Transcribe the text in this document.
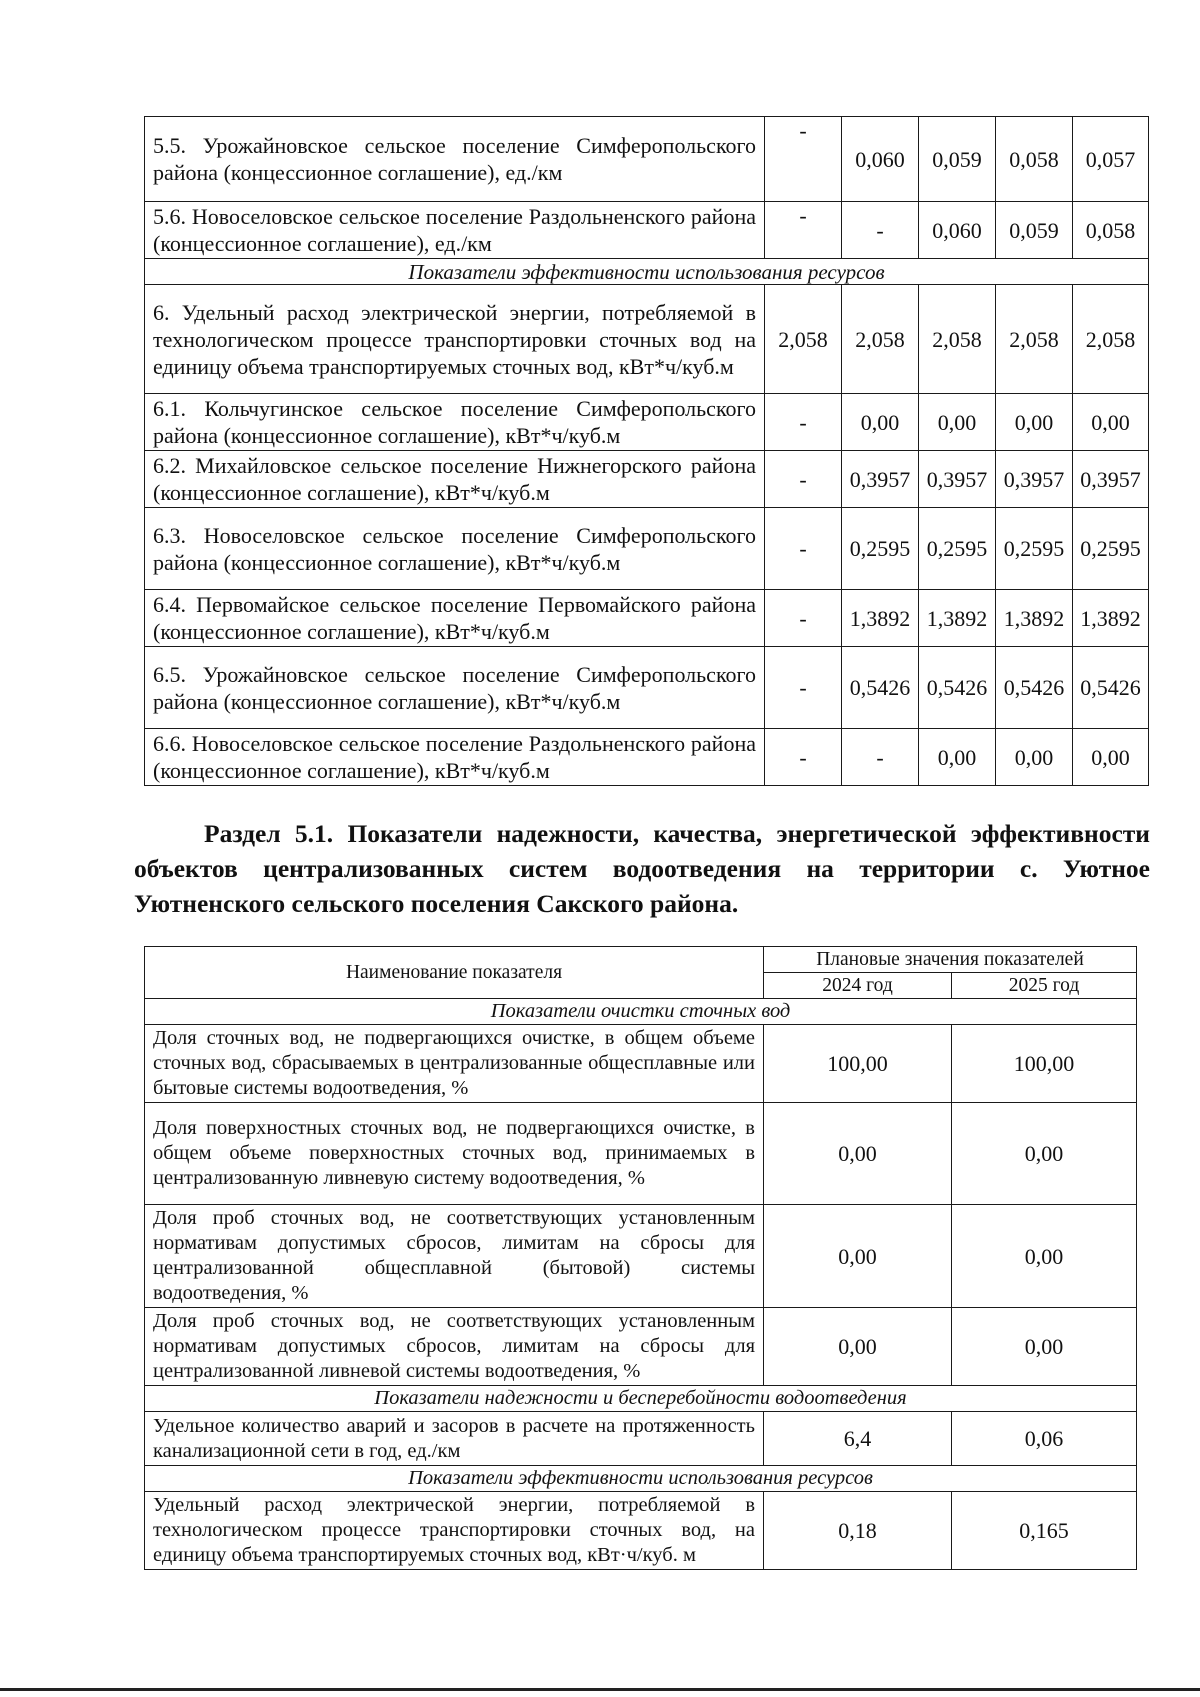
5.5. Урожайновское сельское поселение Симферопольского района (концессионное соглашение), ед./км	-	0,060	0,059	0,058	0,057
5.6. Новоселовское сельское поселение Раздольненского района (концессионное соглашение), ед./км	-	-	0,060	0,059	0,058
Показатели эффективности использования ресурсов					
6. Удельный расход электрической энергии, потребляемой в технологическом процессе транспортировки сточных вод на единицу объема транспортируемых сточных вод, кВт*ч/куб.м	2,058	2,058	2,058	2,058	2,058
6.1. Кольчугинское сельское поселение Симферопольского района (концессионное соглашение), кВт*ч/куб.м	-	0,00	0,00	0,00	0,00
6.2. Михайловское сельское поселение Нижнегорского района (концессионное соглашение), кВт*ч/куб.м	-	0,3957	0,3957	0,3957	0,3957
6.3. Новоселовское сельское поселение Симферопольского района (концессионное соглашение), кВт*ч/куб.м	-	0,2595	0,2595	0,2595	0,2595
6.4. Первомайское сельское поселение Первомайского района (концессионное соглашение), кВт*ч/куб.м	-	1,3892	1,3892	1,3892	1,3892
6.5. Урожайновское сельское поселение Симферопольского района (концессионное соглашение), кВт*ч/куб.м	-	0,5426	0,5426	0,5426	0,5426
6.6. Новоселовское сельское поселение Раздольненского района (концессионное соглашение), кВт*ч/куб.м	-	-	0,00	0,00	0,00

Раздел 5.1. Показатели надежности, качества, энергетической эффективности объектов централизованных систем водоотведения на территории с. Уютное Уютненского сельского поселения Сакского района.

Наименование показателя	Плановые значения показателей	
	2024 год	2025 год
Показатели очистки сточных вод		
Доля сточных вод, не подвергающихся очистке, в общем объеме сточных вод, сбрасываемых в централизованные общесплавные или бытовые системы водоотведения, %	100,00	100,00
Доля поверхностных сточных вод, не подвергающихся очистке, в общем объеме поверхностных сточных вод, принимаемых в централизованную ливневую систему водоотведения, %	0,00	0,00
Доля проб сточных вод, не соответствующих установленным нормативам допустимых сбросов, лимитам на сбросы для централизованной общесплавной (бытовой) системы водоотведения, %	0,00	0,00
Доля проб сточных вод, не соответствующих установленным нормативам допустимых сбросов, лимитам на сбросы для централизованной ливневой системы водоотведения, %	0,00	0,00
Показатели надежности и бесперебойности водоотведения		
Удельное количество аварий и засоров в расчете на протяженность канализационной сети в год, ед./км	6,4	0,06
Показатели эффективности использования ресурсов		
Удельный расход электрической энергии, потребляемой в технологическом процессе транспортировки сточных вод, на единицу объема транспортируемых сточных вод, кВт·ч/куб. м	0,18	0,165
